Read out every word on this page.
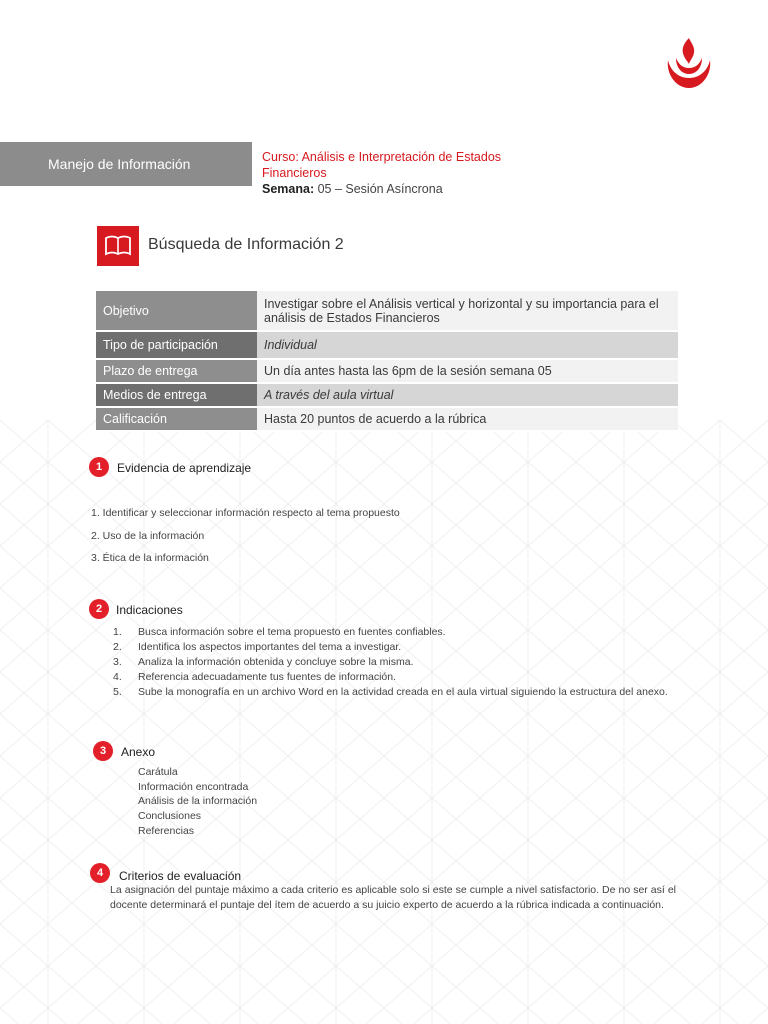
Manejo de Información	Curso: Análisis e Interpretación de Estados
Financieros
Semana: 05 – Sesión Asíncrona
Búsqueda de Información 2
Objetivo	Investigar sobre el Análisis vertical y horizontal y su importancia para el análisis de Estados Financieros
Tipo de participación	Individual
Plazo de entrega	Un día antes hasta las 6pm de la sesión semana 05
Medios de entrega	A través del aula virtual
Calificación	Hasta 20 puntos de acuerdo a la rúbrica
1	Evidencia de aprendizaje
1. Identificar y seleccionar información respecto al tema propuesto
2. Uso de la información
3. Ética de la información
2	Indicaciones
1.	Busca información sobre el tema propuesto en fuentes confiables.
2.	Identifica los aspectos importantes del tema a investigar.
3.	Analiza la información obtenida y concluye sobre la misma.
4.	Referencia adecuadamente tus fuentes de información.
5.	Sube la monografía en un archivo Word en la actividad creada en el aula virtual siguiendo la estructura del anexo.
3	Anexo
Carátula
Información encontrada
Análisis de la información
Conclusiones
Referencias
4	Criterios de evaluación
La asignación del puntaje máximo a cada criterio es aplicable solo si este se cumple a nivel satisfactorio. De no ser así el docente determinará el puntaje del ítem de acuerdo a su juicio experto de acuerdo a la rúbrica indicada a continuación.
